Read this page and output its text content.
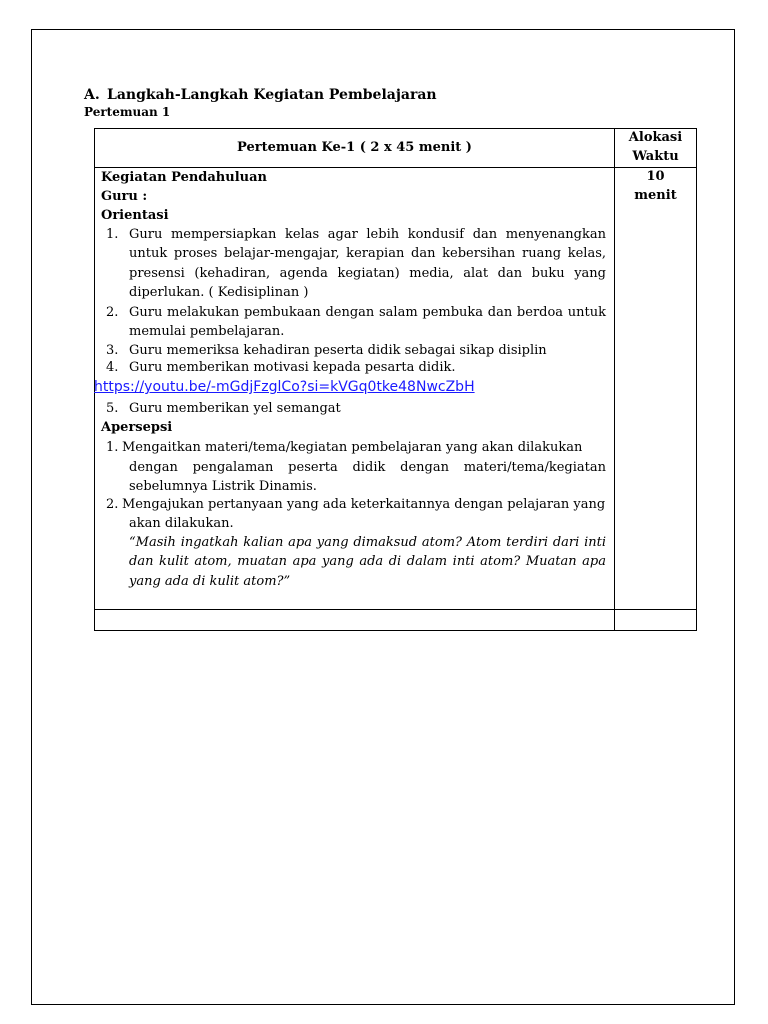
A. Langkah-Langkah Kegiatan Pembelajaran
Pertemuan 1
Pertemuan Ke-1 ( 2 x 45 menit )
Alokasi
Waktu
10
menit
Kegiatan Pendahuluan
Guru :
Orientasi
1. Guru mempersiapkan kelas agar lebih kondusif dan menyenangkan untuk proses belajar-mengajar, kerapian dan kebersihan ruang kelas, presensi (kehadiran, agenda kegiatan) media, alat dan buku yang diperlukan. ( Kedisiplinan )
2. Guru melakukan pembukaan dengan salam pembuka dan berdoa untuk memulai pembelajaran.
3. Guru memeriksa kehadiran peserta didik sebagai sikap disiplin
4. Guru memberikan motivasi kepada pesarta didik.
https://youtu.be/-mGdjFzglCo?si=kVGq0tke48NwcZbH
5. Guru memberikan yel semangat
Apersepsi
1. Mengaitkan materi/tema/kegiatan pembelajaran yang akan dilakukan
dengan pengalaman peserta didik dengan materi/tema/kegiatan sebelumnya Listrik Dinamis.
2. Mengajukan pertanyaan yang ada keterkaitannya dengan pelajaran yang
akan dilakukan.
“Masih ingatkah kalian apa yang dimaksud atom? Atom terdiri dari inti dan kulit atom, muatan apa yang ada di dalam inti atom? Muatan apa yang ada di kulit atom?”
